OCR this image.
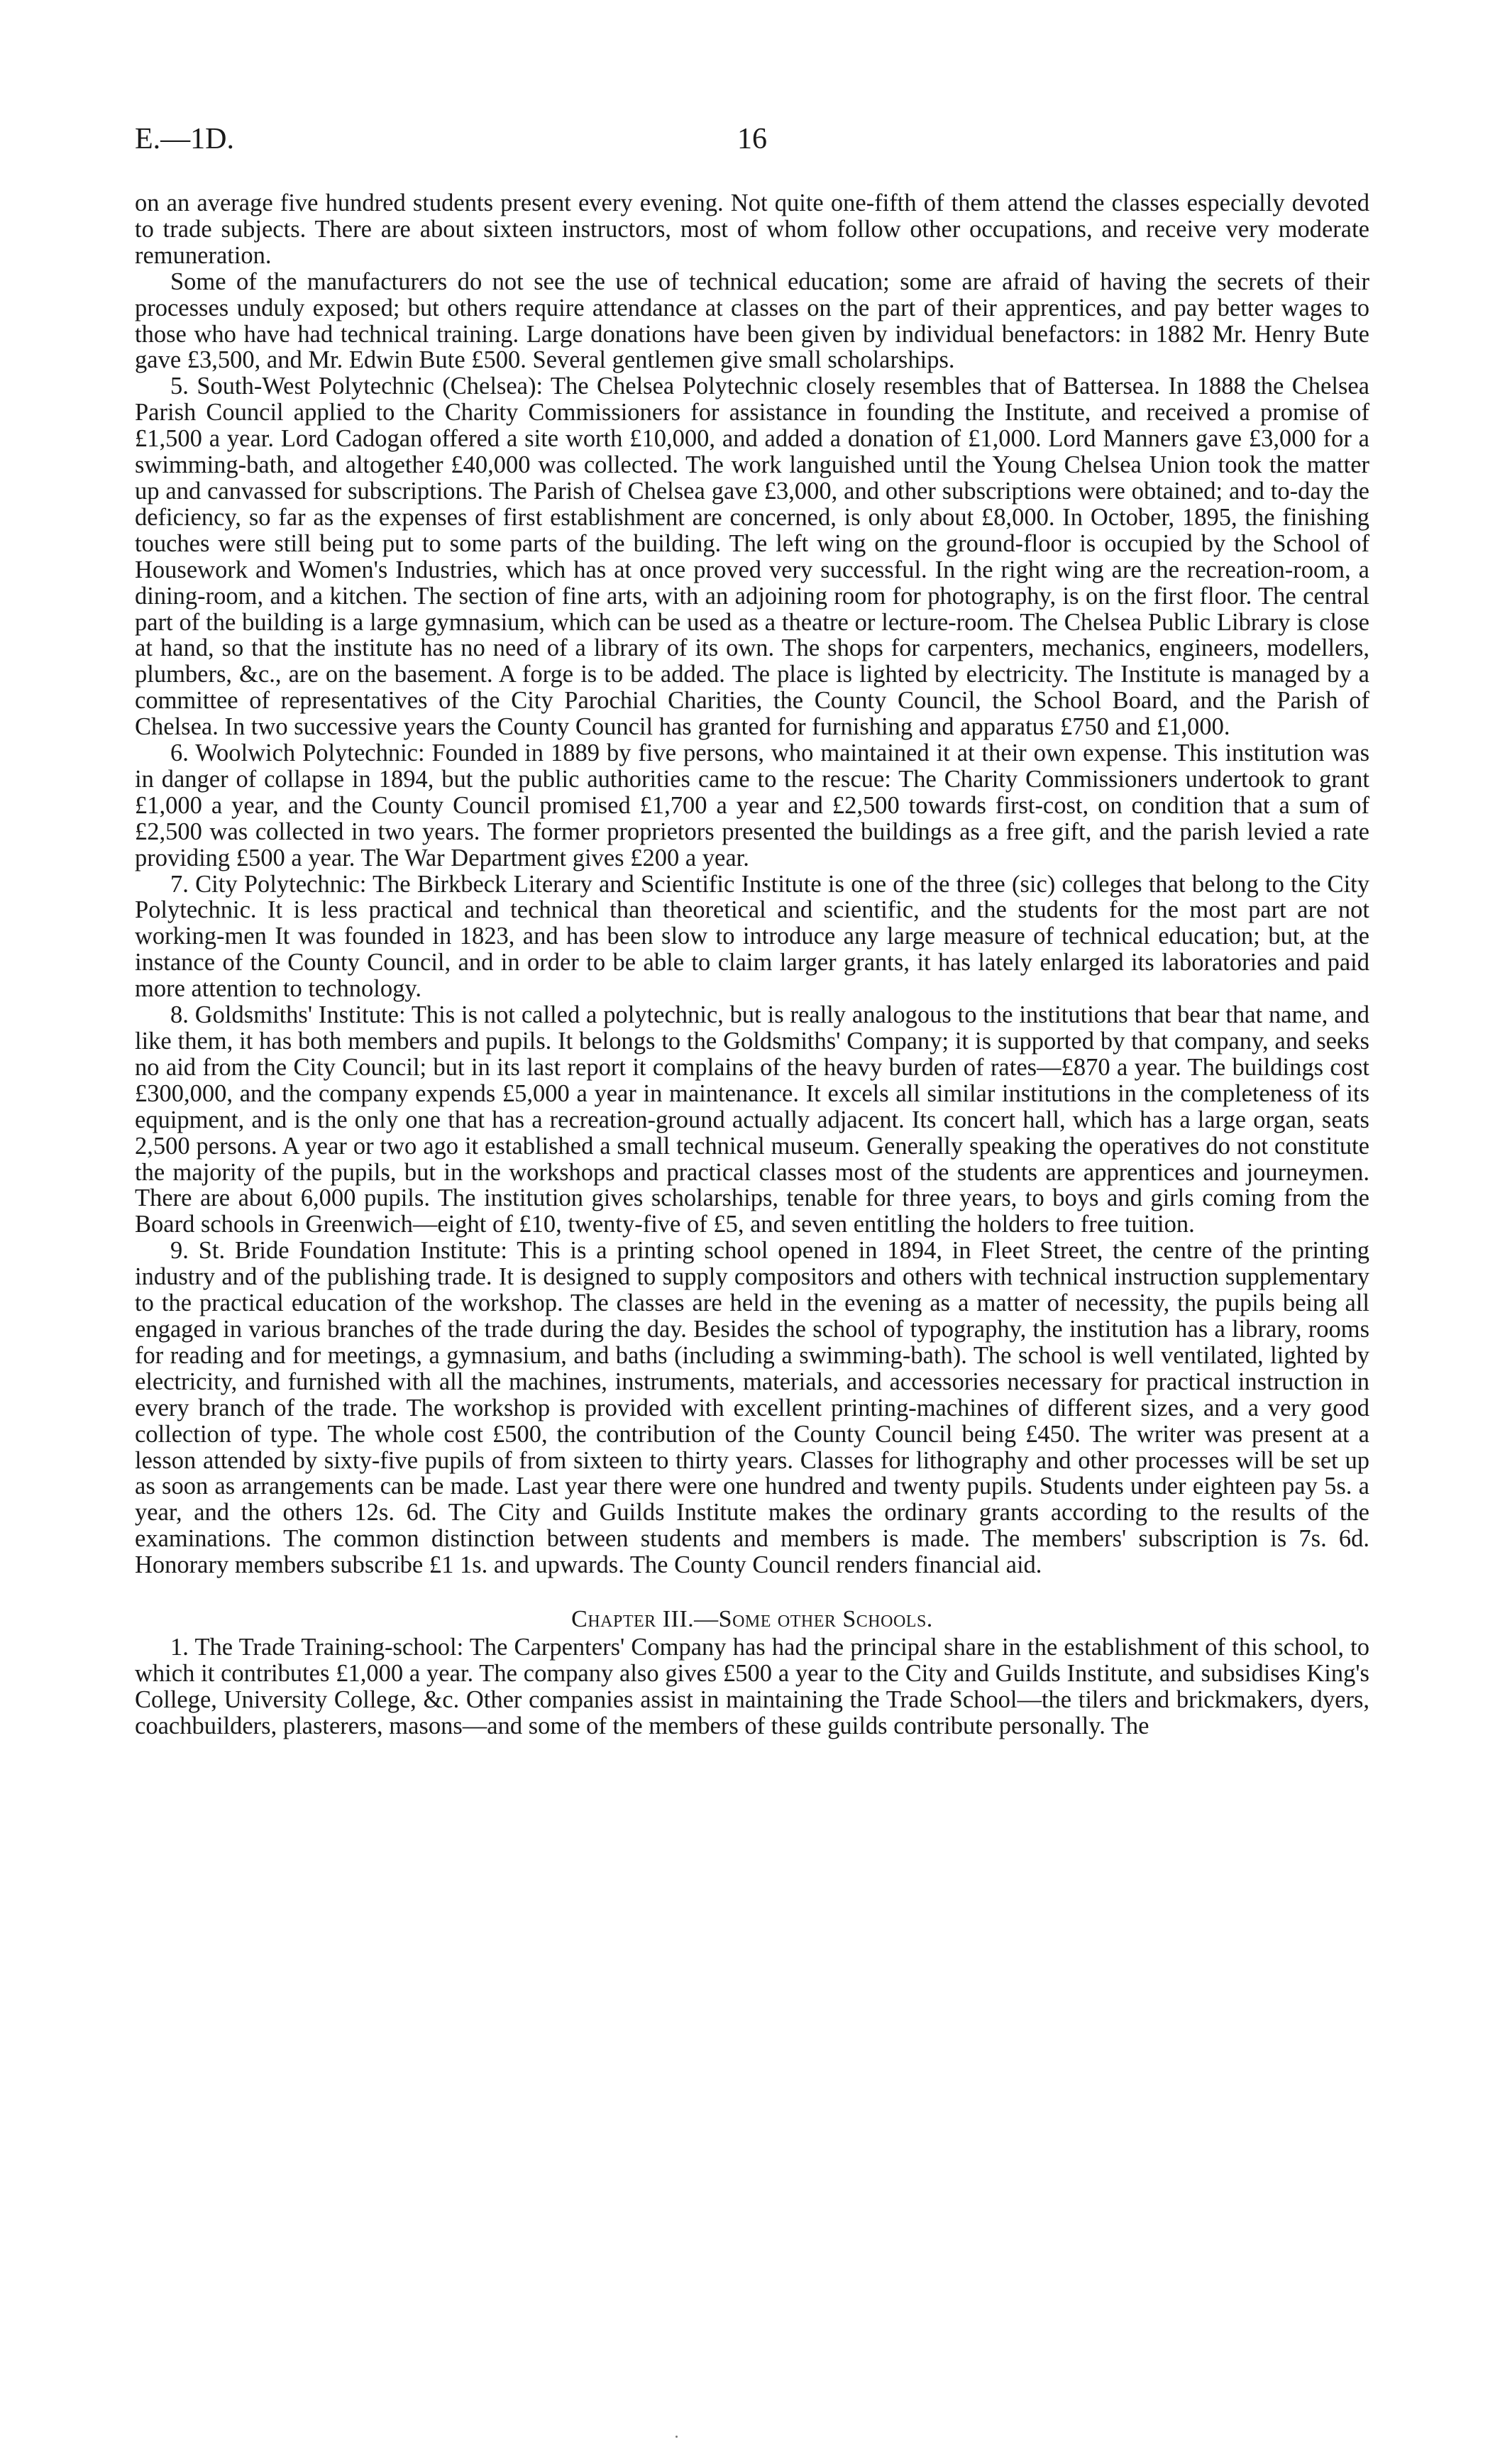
E.—1D.	16

on an average five hundred students present every evening. Not quite one-fifth of them attend the classes especially devoted to trade subjects. There are about sixteen instructors, most of whom follow other occupations, and receive very moderate remuneration.

Some of the manufacturers do not see the use of technical education; some are afraid of having the secrets of their processes unduly exposed; but others require attendance at classes on the part of their apprentices, and pay better wages to those who have had technical training. Large donations have been given by individual benefactors: in 1882 Mr. Henry Bute gave £3,500, and Mr. Edwin Bute £500. Several gentlemen give small scholarships.

5. South-West Polytechnic (Chelsea): The Chelsea Polytechnic closely resembles that of Battersea. In 1888 the Chelsea Parish Council applied to the Charity Commissioners for assistance in founding the Institute, and received a promise of £1,500 a year. Lord Cadogan offered a site worth £10,000, and added a donation of £1,000. Lord Manners gave £3,000 for a swimming-bath, and altogether £40,000 was collected. The work languished until the Young Chelsea Union took the matter up and canvassed for subscriptions. The Parish of Chelsea gave £3,000, and other subscriptions were obtained; and to-day the deficiency, so far as the expenses of first establishment are concerned, is only about £8,000. In October, 1895, the finishing touches were still being put to some parts of the building. The left wing on the ground-floor is occupied by the School of Housework and Women's Industries, which has at once proved very successful. In the right wing are the recreation-room, a dining-room, and a kitchen. The section of fine arts, with an adjoining room for photography, is on the first floor. The central part of the building is a large gymnasium, which can be used as a theatre or lecture-room. The Chelsea Public Library is close at hand, so that the institute has no need of a library of its own. The shops for carpenters, mechanics, engineers, modellers, plumbers, &c., are on the basement. A forge is to be added. The place is lighted by electricity. The Institute is managed by a committee of representatives of the City Parochial Charities, the County Council, the School Board, and the Parish of Chelsea. In two successive years the County Council has granted for furnishing and apparatus £750 and £1,000.

6. Woolwich Polytechnic: Founded in 1889 by five persons, who maintained it at their own expense. This institution was in danger of collapse in 1894, but the public authorities came to the rescue: The Charity Commissioners undertook to grant £1,000 a year, and the County Council promised £1,700 a year and £2,500 towards first-cost, on condition that a sum of £2,500 was collected in two years. The former proprietors presented the buildings as a free gift, and the parish levied a rate providing £500 a year. The War Department gives £200 a year.

7. City Polytechnic: The Birkbeck Literary and Scientific Institute is one of the three (sic) colleges that belong to the City Polytechnic. It is less practical and technical than theoretical and scientific, and the students for the most part are not working-men It was founded in 1823, and has been slow to introduce any large measure of technical education; but, at the instance of the County Council, and in order to be able to claim larger grants, it has lately enlarged its laboratories and paid more attention to technology.

8. Goldsmiths' Institute: This is not called a polytechnic, but is really analogous to the institutions that bear that name, and like them, it has both members and pupils. It belongs to the Goldsmiths' Company; it is supported by that company, and seeks no aid from the City Council; but in its last report it complains of the heavy burden of rates—£870 a year. The buildings cost £300,000, and the company expends £5,000 a year in maintenance. It excels all similar institutions in the completeness of its equipment, and is the only one that has a recreation-ground actually adjacent. Its concert hall, which has a large organ, seats 2,500 persons. A year or two ago it established a small technical museum. Generally speaking the operatives do not constitute the majority of the pupils, but in the workshops and practical classes most of the students are apprentices and journeymen. There are about 6,000 pupils. The institution gives scholarships, tenable for three years, to boys and girls coming from the Board schools in Greenwich—eight of £10, twenty-five of £5, and seven entitling the holders to free tuition.

9. St. Bride Foundation Institute: This is a printing school opened in 1894, in Fleet Street, the centre of the printing industry and of the publishing trade. It is designed to supply compositors and others with technical instruction supplementary to the practical education of the workshop. The classes are held in the evening as a matter of necessity, the pupils being all engaged in various branches of the trade during the day. Besides the school of typography, the institution has a library, rooms for reading and for meetings, a gymnasium, and baths (including a swimming-bath). The school is well ventilated, lighted by electricity, and furnished with all the machines, instruments, materials, and accessories necessary for practical instruction in every branch of the trade. The workshop is provided with excellent printing-machines of different sizes, and a very good collection of type. The whole cost £500, the contribution of the County Council being £450. The writer was present at a lesson attended by sixty-five pupils of from sixteen to thirty years. Classes for lithography and other processes will be set up as soon as arrangements can be made. Last year there were one hundred and twenty pupils. Students under eighteen pay 5s. a year, and the others 12s. 6d. The City and Guilds Institute makes the ordinary grants according to the results of the examinations. The common distinction between students and members is made. The members' subscription is 7s. 6d. Honorary members subscribe £1 1s. and upwards. The County Council renders financial aid.

Chapter III.—Some other Schools.

1. The Trade Training-school: The Carpenters' Company has had the principal share in the establishment of this school, to which it contributes £1,000 a year. The company also gives £500 a year to the City and Guilds Institute, and subsidises King's College, University College, &c. Other companies assist in maintaining the Trade School—the tilers and brickmakers, dyers, coachbuilders, plasterers, masons—and some of the members of these guilds contribute personally. The
